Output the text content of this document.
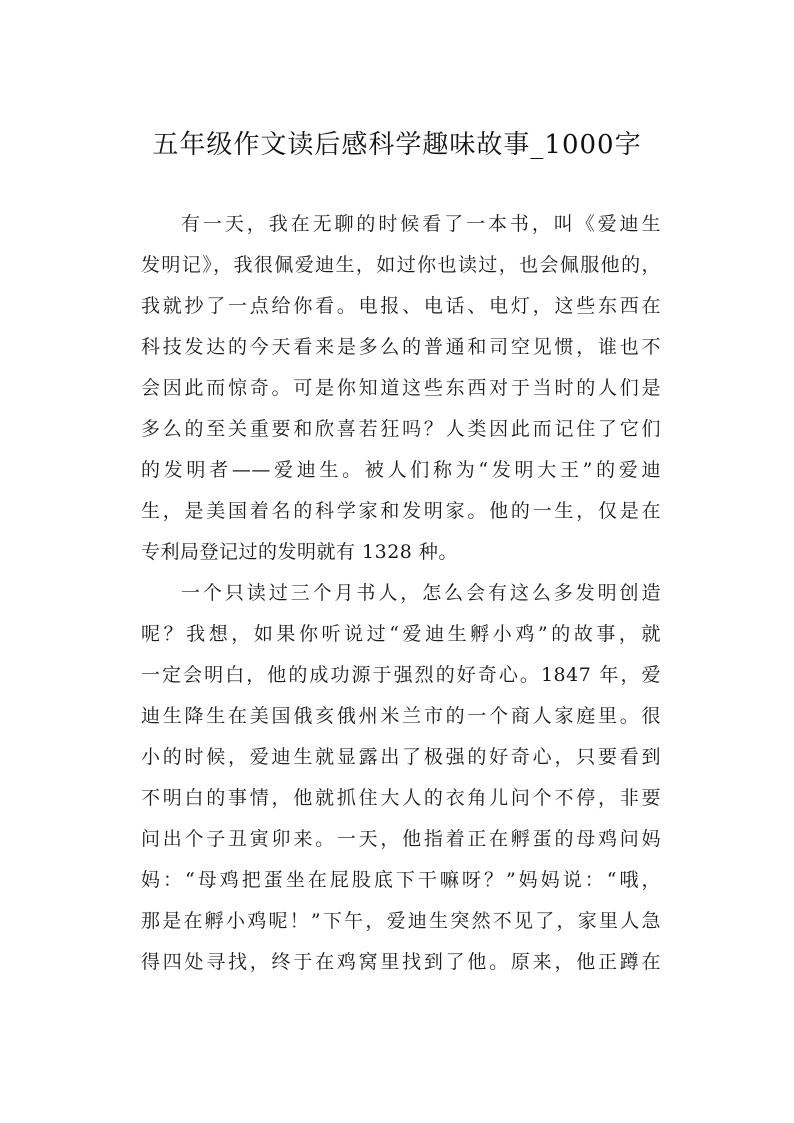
五年级作文读后感科学趣味故事_1000字
有一天，我在无聊的时候看了一本书，叫《爱迪生
发明记》，我很佩爱迪生，如过你也读过，也会佩服他的，
我就抄了一点给你看。电报、电话、电灯，这些东西在
科技发达的今天看来是多么的普通和司空见惯，谁也不
会因此而惊奇。可是你知道这些东西对于当时的人们是
多么的至关重要和欣喜若狂吗？人类因此而记住了它们
的发明者——爱迪生。被人们称为“发明大王”的爱迪
生，是美国着名的科学家和发明家。他的一生，仅是在
专利局登记过的发明就有 1328 种。
一个只读过三个月书人，怎么会有这么多发明创造
呢？我想，如果你听说过“爱迪生孵小鸡”的故事，就
一定会明白，他的成功源于强烈的好奇心。1847 年，爱
迪生降生在美国俄亥俄州米兰市的一个商人家庭里。很
小的时候，爱迪生就显露出了极强的好奇心，只要看到
不明白的事情，他就抓住大人的衣角儿问个不停，非要
问出个子丑寅卯来。一天，他指着正在孵蛋的母鸡问妈
妈：“母鸡把蛋坐在屁股底下干嘛呀？”妈妈说：“哦，
那是在孵小鸡呢！”下午，爱迪生突然不见了，家里人急
得四处寻找，终于在鸡窝里找到了他。原来，他正蹲在
